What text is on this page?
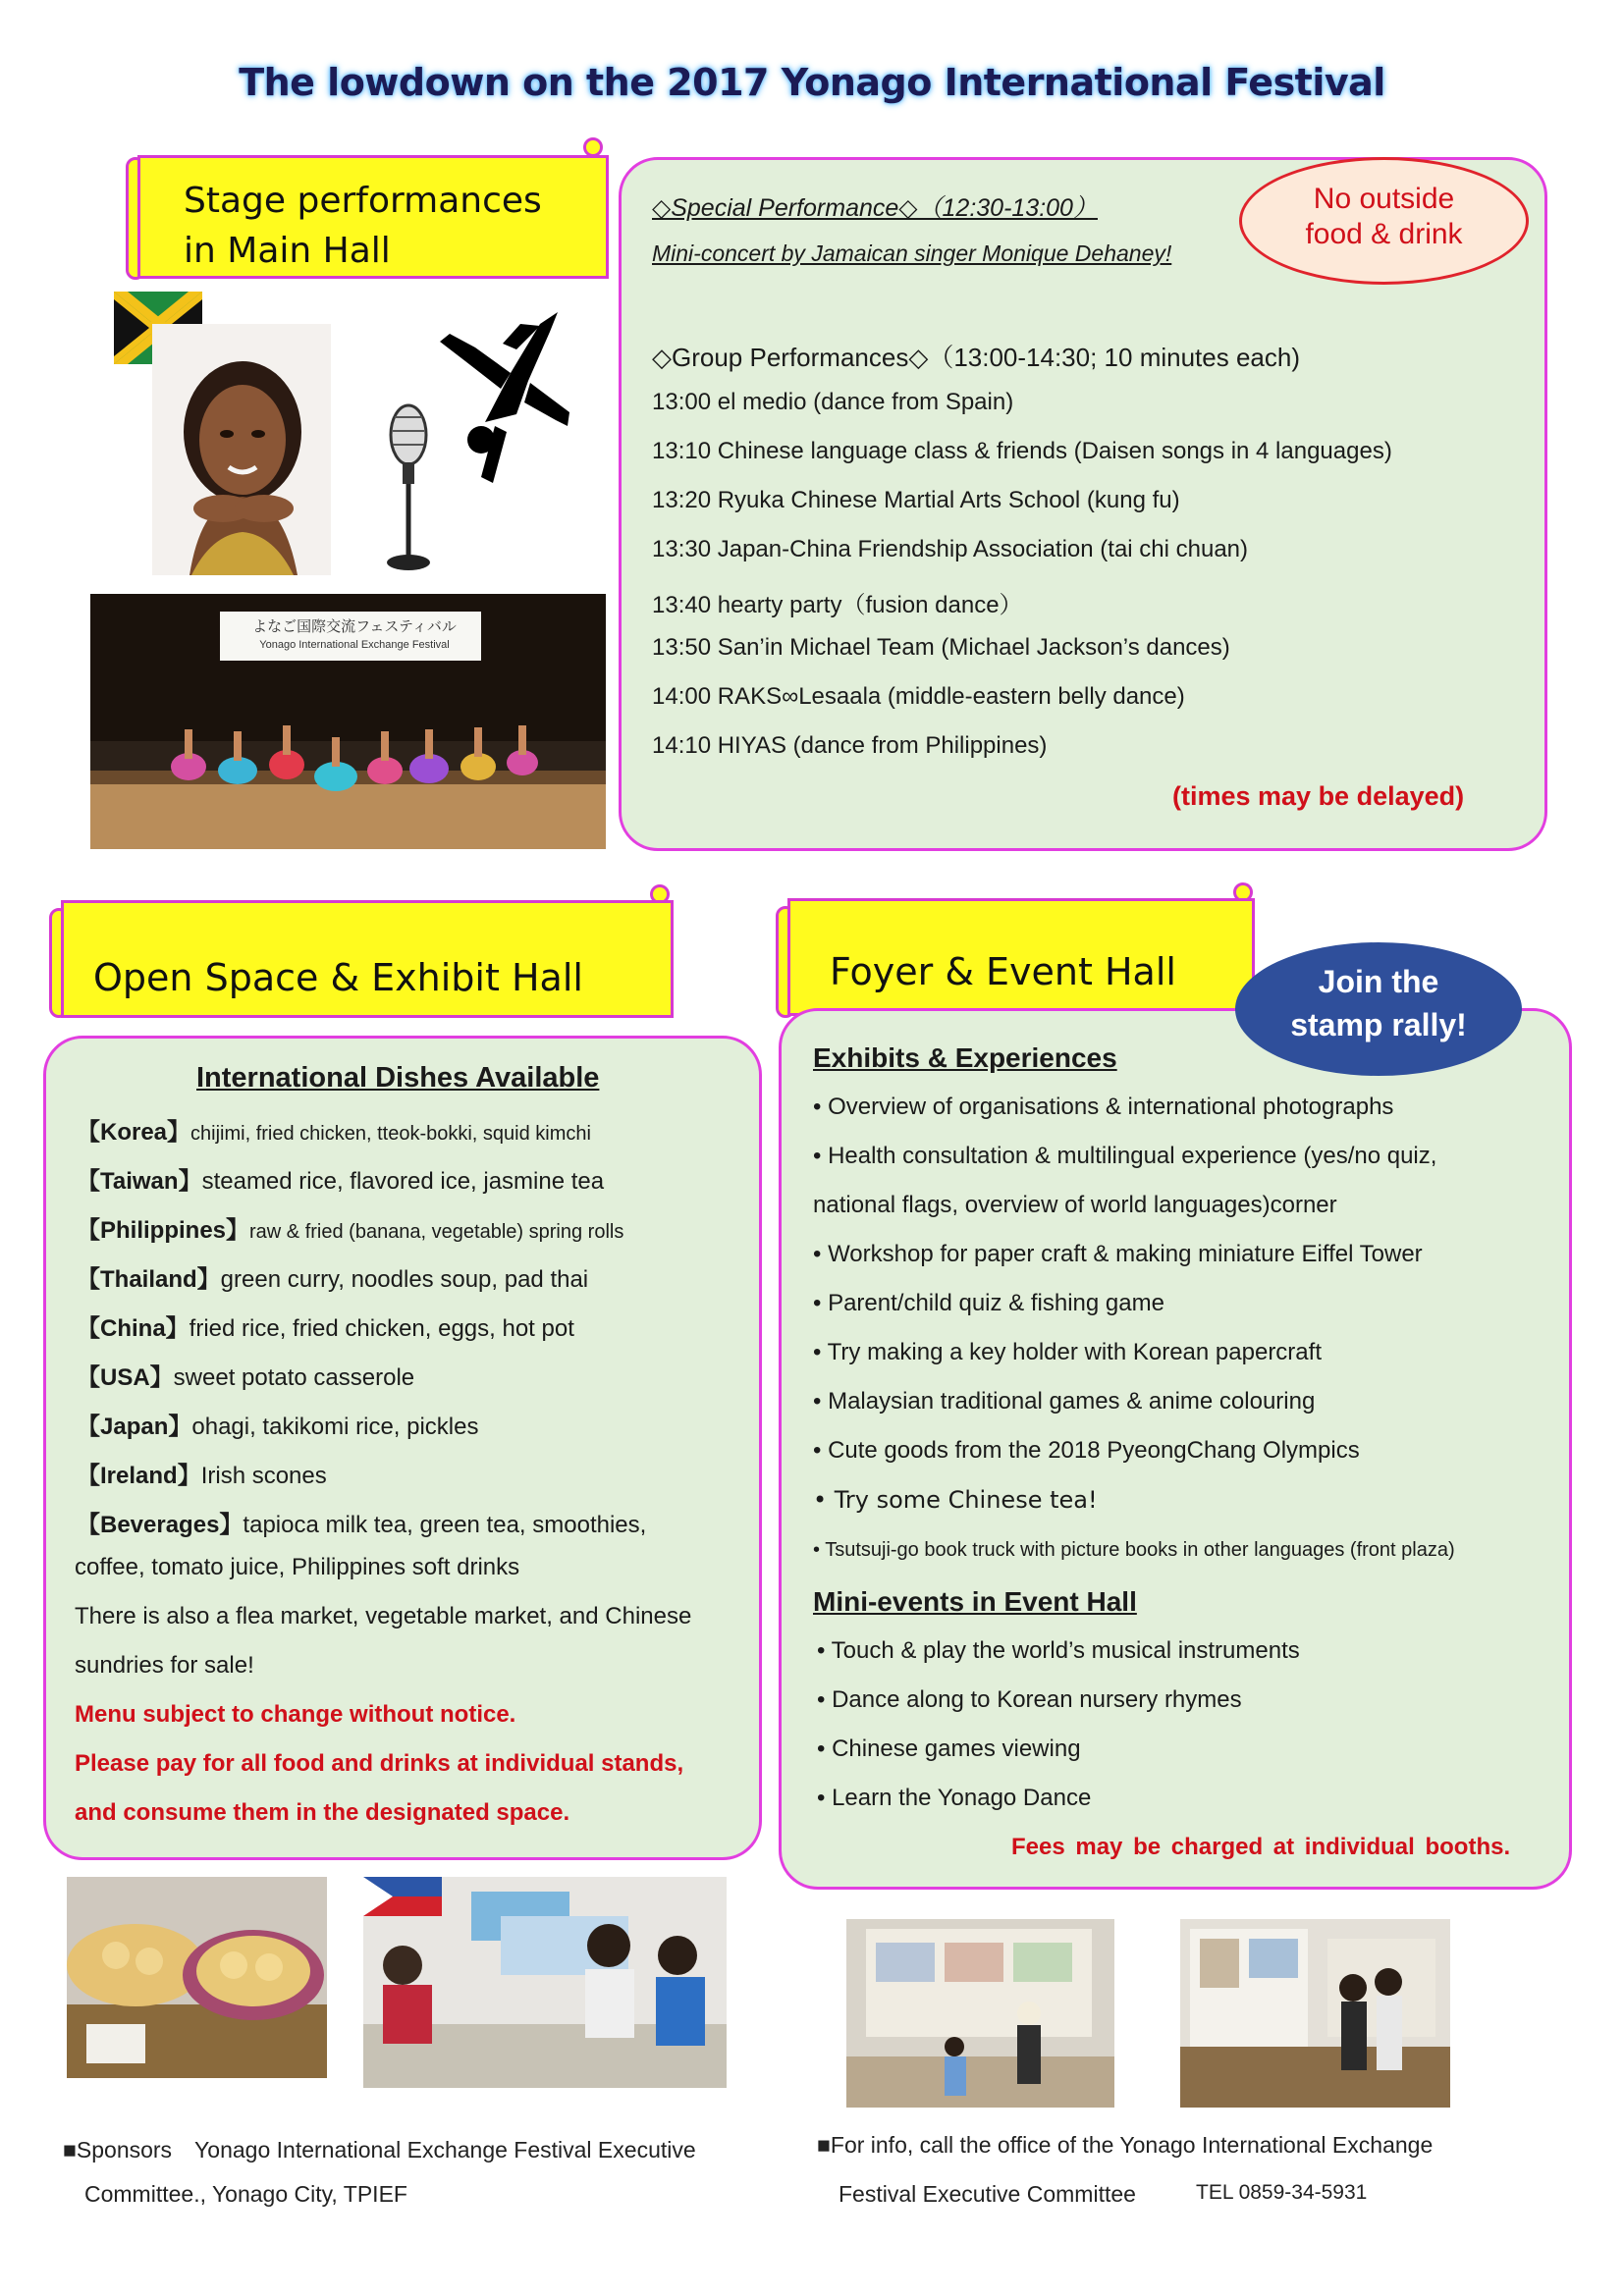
The lowdown on the 2017 Yonago International Festival
Stage performances
in Main Hall
よなご国際交流フェスティバル
Yonago International Exchange Festival
No outside
food & drink
◇Special Performance◇（12:30-13:00）
Mini-concert by Jamaican singer Monique Dehaney!
◇Group Performances◇（13:00-14:30; 10 minutes each)
13:00 el medio (dance from Spain)
13:10 Chinese language class & friends (Daisen songs in 4 languages)
13:20 Ryuka Chinese Martial Arts School (kung fu)
13:30 Japan-China Friendship Association (tai chi chuan)
13:40 hearty party（fusion dance）
13:50 San’in Michael Team (Michael Jackson’s dances)
14:00 RAKS∞Lesaala (middle-eastern belly dance)
14:10 HIYAS (dance from Philippines)
(times may be delayed)
Open Space & Exhibit Hall
International Dishes Available
【Korea】chijimi, fried chicken, tteok-bokki, squid kimchi
【Taiwan】steamed rice, flavored ice, jasmine tea
【Philippines】raw & fried (banana, vegetable) spring rolls
【Thailand】green curry, noodles soup, pad thai
【China】fried rice, fried chicken, eggs, hot pot
【USA】sweet potato casserole
【Japan】ohagi, takikomi rice, pickles
【Ireland】Irish scones
【Beverages】tapioca milk tea, green tea, smoothies,
coffee, tomato juice, Philippines soft drinks
There is also a flea market, vegetable market, and Chinese
sundries for sale!
Menu subject to change without notice.
Please pay for all food and drinks at individual stands,
and consume them in the designated space.
Foyer & Event Hall	Join the
stamp rally!
Exhibits & Experiences
• Overview of organisations & international photographs
• Health consultation & multilingual experience (yes/no quiz,
national flags, overview of world languages)corner
• Workshop for paper craft & making miniature Eiffel Tower
• Parent/child quiz & fishing game
• Try making a key holder with Korean papercraft
• Malaysian traditional games & anime colouring
• Cute goods from the 2018 PyeongChang Olympics
• Try some Chinese tea!
• Tsutsuji-go book truck with picture books in other languages (front plaza)
Mini-events in Event Hall
• Touch & play the world’s musical instruments
• Dance along to Korean nursery rhymes
• Chinese games viewing
• Learn the Yonago Dance
Fees may be charged at individual booths.
■Sponsors　Yonago International Exchange Festival Executive
Committee., Yonago City, TPIEF
■For info, call the office of the Yonago International Exchange
Festival Executive Committee	TEL 0859-34-5931
